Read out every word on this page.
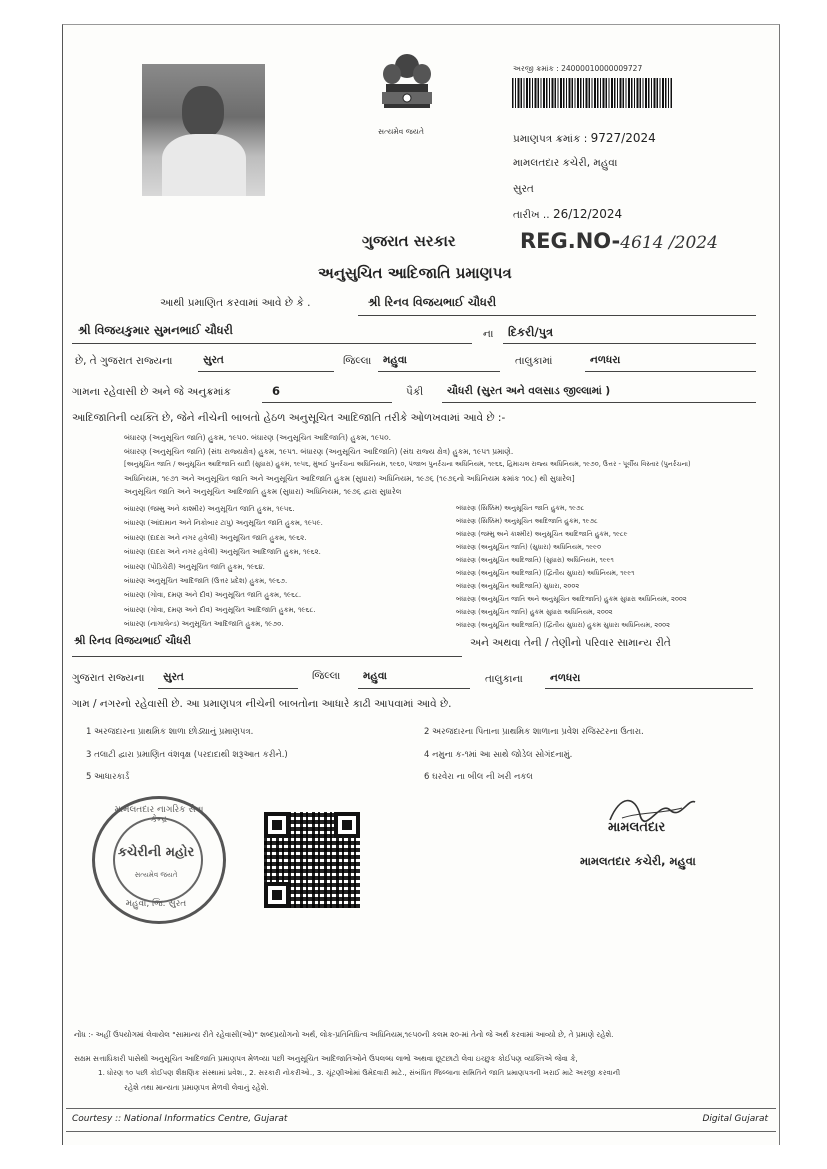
સત્યમેવ જયતે
અરજી ક્રમાંક : 24000010000009727
પ્રમાણપત્ર ક્રમાંક : 9727/2024
મામલતદાર કચેરી, મહુવા
સુરત
તારીખ .. 26/12/2024
ગુજરાત સરકાર	REG.NO-4614 /2024
અનુસુચિત આદિજાતિ પ્રમાણપત્ર
આથી પ્રમાણિત કરવામાં આવે છે કે .	શ્રી રિનવ વિજયભાઈ ચૌધરી
શ્રી વિજયકુમાર સુમનભાઈ ચૌધરી	ના દિકરી/પુત્ર
છે, તે ગુજરાત રાજ્યના	સુરત	જિલ્લા મહુવા	તાલુકામાં	નળધરા
ગામના રહેવાસી છે અને જે અનુક્રમાંક	6	પૈકી ચૌધરી (સુરત અને વલસાડ જીલ્લામાં )
આદિજાતિની વ્યક્તિ છે, જેને નીચેની બાબતો હેઠળ અનુસૂચિત આદિજાતિ તરીકે ઓળખવામાં આવે છે :-
બંધારણ (અનુસૂચિત જાતિ) હુકમ, ૧૯૫૦. બંધારણ (અનુસૂચિત આદિજાતિ) હુકમ, ૧૯૫૦.
બંધારણ (અનુસૂચિત જાતિ) (સંઘ રાજ્યક્ષેત્ર) હુકમ, ૧૯૫૧. બંધારણ (અનુસૂચિત આદિજાતિ) (સંઘ રાજ્ય ક્ષેત્ર) હુકમ, ૧૯૫૧ પ્રમાણે.
[અનુસૂચિત જાતિ / અનુસૂચિત આદિજાતિ યાદી (સુધારા) હુકમ, ૧૯૫૬, મુંબઈ પુનર્રચના અધિનિયમ, ૧૯૬૦, પંજાબ પુનર્રચના અધિનિયમ, ૧૯૬૬, હિમાચલ રાજ્ય અધિનિયમ, ૧૯૭૦, ઉત્તર - પૂર્વીય વિસ્તાર (પુનર્રચના)
અધિનિયમ, ૧૯૭૧ અને અનુસૂચિત જાતિ અને અનુસૂચિત આદિજાતિ હુકમ (સુધારા) અધિનિયમ, ૧૯૭૬ (૧૯૭૬નો અધિનિયમ ક્રમાંક ૧૦૮) થી સુધારેલ]
અનુસૂચિત જાતિ અને અનુસૂચિત આદિજાતિ હુકમ (સુધારા) અધિનિયમ, ૧૯૭૬ દ્વારા સુધારેલ
બંધારણ (જમ્મુ અને કાશ્મીર) અનુસૂચિત જાતિ હુકમ, ૧૯૫૬.
બંધારણ (આંદામાન અને નિકોબાર ટાપુ) અનુસૂચિત જાતિ હુકમ, ૧૯૫૯.
બંધારણ (દાદરા અને નગર હવેલી) અનુસૂચિત જાતિ હુકમ, ૧૯૬૨.
બંધારણ (દાદરા અને નગર હવેલી) અનુસૂચિત આદિજાતિ હુકમ, ૧૯૬૨.
બંધારણ (પોંડિચેરી) અનુસૂચિત જાતિ હુકમ, ૧૯૬૪.
બંધારણ અનુસૂચિત આદિજાતિ (ઉત્તર પ્રદેશ) હુકમ, ૧૯૬૭.
બંધારણ (ગોવા, દમણ અને દીવ) અનુસૂચિત જાતિ હુકમ, ૧૯૬૮.
બંધારણ (ગોવા, દમણ અને દીવ) અનુસૂચિત આદિજાતિ હુકમ, ૧૯૬૮.
બંધારણ (નાગાલેન્ડ) અનુસૂચિત આદિજાતિ હુકમ, ૧૯૭૦.
બંધારણ (સિક્કિમ) અનુસૂચિત જાતિ હુકમ, ૧૯૭૮
બંધારણ (સિક્કિમ) અનુસૂચિત આદિજાતિ હુકમ, ૧૯૭૮
બંધારણ (જમ્મુ અને કાશ્મીર) અનુસૂચિત આદિજાતિ હુકમ, ૧૯૮૯
બંધારણ (અનુસૂચિત જાતિ) (સુધારા) અધિનિયમ, ૧૯૯૦
બંધારણ (અનુસૂચિત આદિજાતિ) (સુધારા) અધિનિયમ, ૧૯૯૧
બંધારણ (અનુસૂચિત આદિજાતિ) (દ્વિતીય સુધારા) અધિનિયમ, ૧૯૯૧
બંધારણ (અનુસૂચિત આદિજાતિ) સુધારા, ૨૦૦૨
બંધારણ (અનુસૂચિત જાતિ અને અનુસૂચિત આદિજાતિ) હુકમ સુધારા અધિનિયમ, ૨૦૦૨
બંધારણ (અનુસૂચિત જાતિ) હુકમ સુધારા અધિનિયમ, ૨૦૦૨
બંધારણ (અનુસૂચિત આદિજાતિ) (દ્વિતીય સુધારા) હુકમ સુધારા અધિનિયમ, ૨૦૦૨
શ્રી રિનવ વિજયભાઈ ચૌધરી	અને અથવા તેની / તેણીનો પરિવાર સામાન્ય રીતે
ગુજરાત રાજ્યના સુરત	જિલ્લા મહુવા	તાલુકાના	નળધરા
ગામ / નગરનો રહેવાસી છે. આ પ્રમાણપત્ર નીચેની બાબતોના આધારે કાઢી આપવામાં આવે છે.
1 અરજદારના પ્રાથમિક શાળા છોડ્યાનું પ્રમાણપત્ર.	2 અરજદારના પિતાના પ્રાથમિક શાળાના પ્રવેશ રજિસ્ટરના ઉતારા.
3 તલાટી દ્વારા પ્રમાણિત વંશવૃક્ષ (પરદાદાથી શરૂઆત કરીને.)	4 નમુના ક-૧માં આ સાથે જોડેલ સોગંદનામું.
5 આધારકાર્ડ	6 ઘરવેરા ના બીલ ની ખરી નકલ
મામલતદાર નાગરિક સેવા કેન્દ્ર
કચેરીની મહોર
સત્યમેવ જયતે
મહુવા, જિ. સુરત
મામલતદાર
મામલતદાર કચેરી, મહુવા
નોંધ :- અહીં ઉપયોગમાં લેવાયેલ "સામાન્ય રીતે રહેવાસી(ઓ)" શબ્દપ્રયોગનો અર્થ, લોક-પ્રતિનિધિત્વ અધિનિયમ,૧૯૫૦ની કલમ ૨૦-માં તેનો જે અર્થ કરવામાં આવ્યો છે, તે પ્રમાણે રહેશે.
સક્ષમ સત્તાધિકારી પાસેથી અનુસૂચિત આદિજાતિ પ્રમાણપત્ર મેળવ્યા પછી અનુસૂચિત આદિજાતિઓને ઉપલબ્ધ લાભો અથવા છૂટછાટો લેવા ઇચ્છુક કોઈપણ વ્યક્તિએ જેવા કે,
1. ધોરણ ૧૦ પછી કોઈપણ શૈક્ષણિક સંસ્થામાં પ્રવેશ., 2. સરકારી નોકરીઓ., 3. ચૂંટણીઓમાં ઉમેદવારી માટે., સંબંધિત જિલ્લાના સમિતિને જાતિ પ્રમાણપત્રની ખરાઈ માટે અરજી કરવાની
રહેશે તથા માન્યતા પ્રમાણપત્ર મેળવી લેવાનું રહેશે.
Courtesy :: National Informatics Centre, Gujarat	Digital Gujarat
